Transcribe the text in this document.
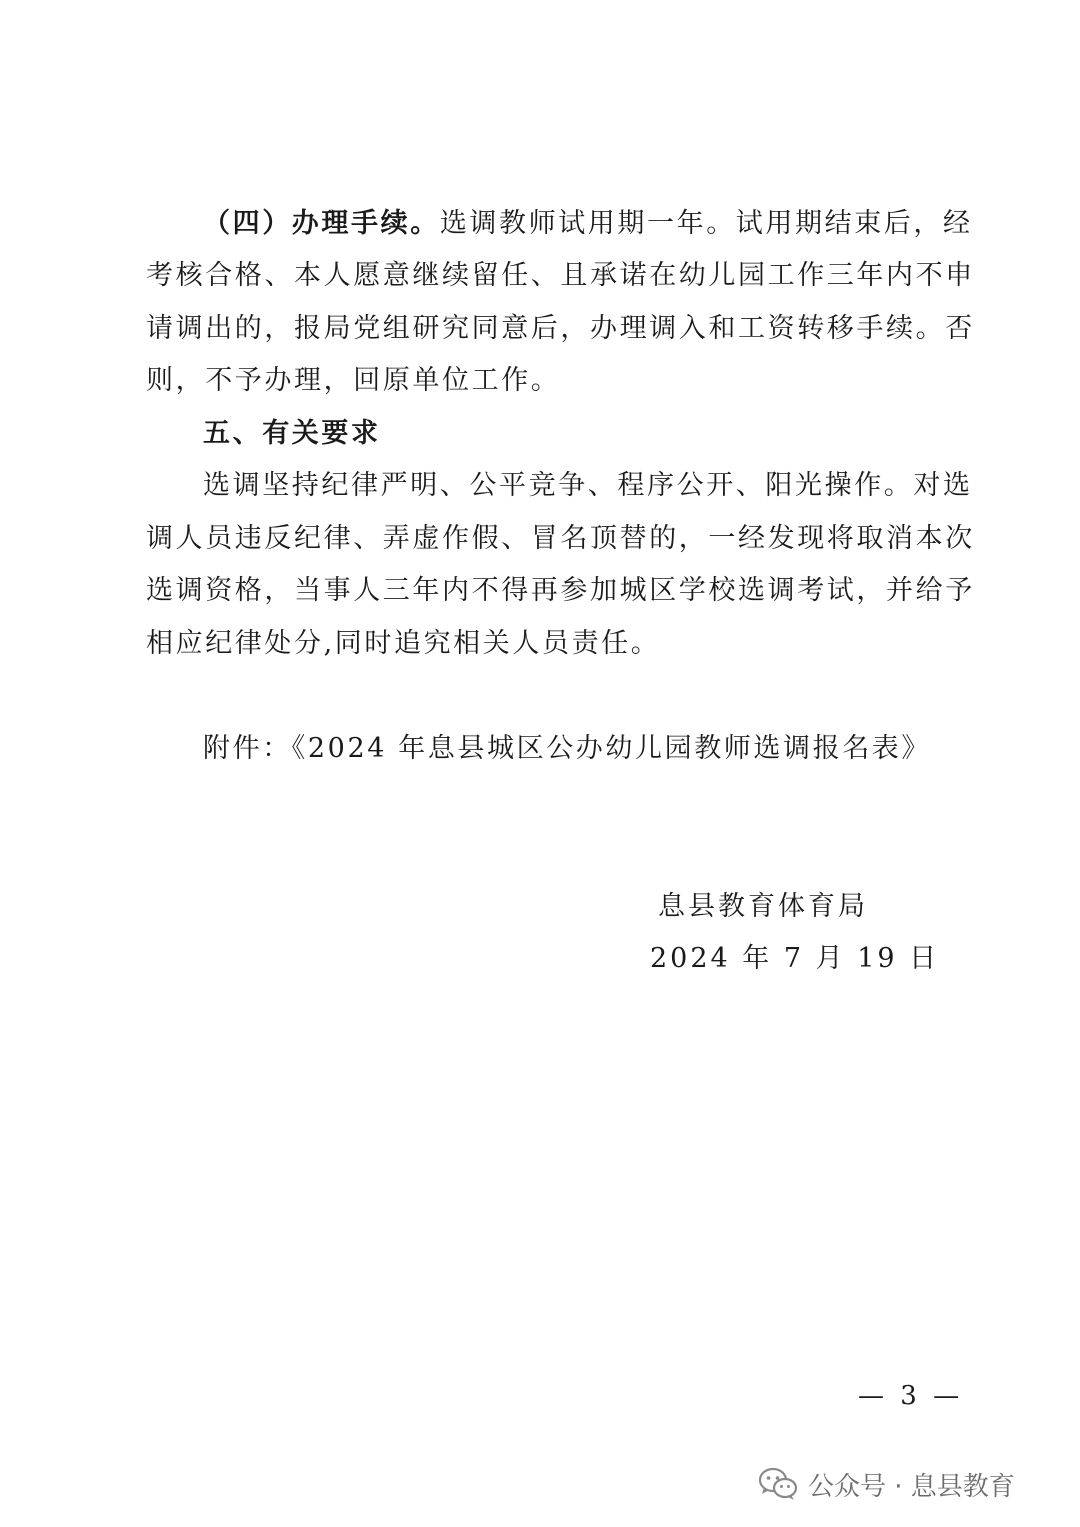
（四）办理手续。选调教师试用期一年。试用期结束后，经
考核合格、本人愿意继续留任、且承诺在幼儿园工作三年内不申
请调出的，报局党组研究同意后，办理调入和工资转移手续。否
则，不予办理，回原单位工作。
五、有关要求
选调坚持纪律严明、公平竞争、程序公开、阳光操作。对选
调人员违反纪律、弄虚作假、冒名顶替的，一经发现将取消本次
选调资格，当事人三年内不得再参加城区学校选调考试，并给予
相应纪律处分,同时追究相关人员责任。
附件：《2024 年息县城区公办幼儿园教师选调报名表》
息县教育体育局
2024 年 7 月 19 日
— 3 —
公众号 · 息县教育
